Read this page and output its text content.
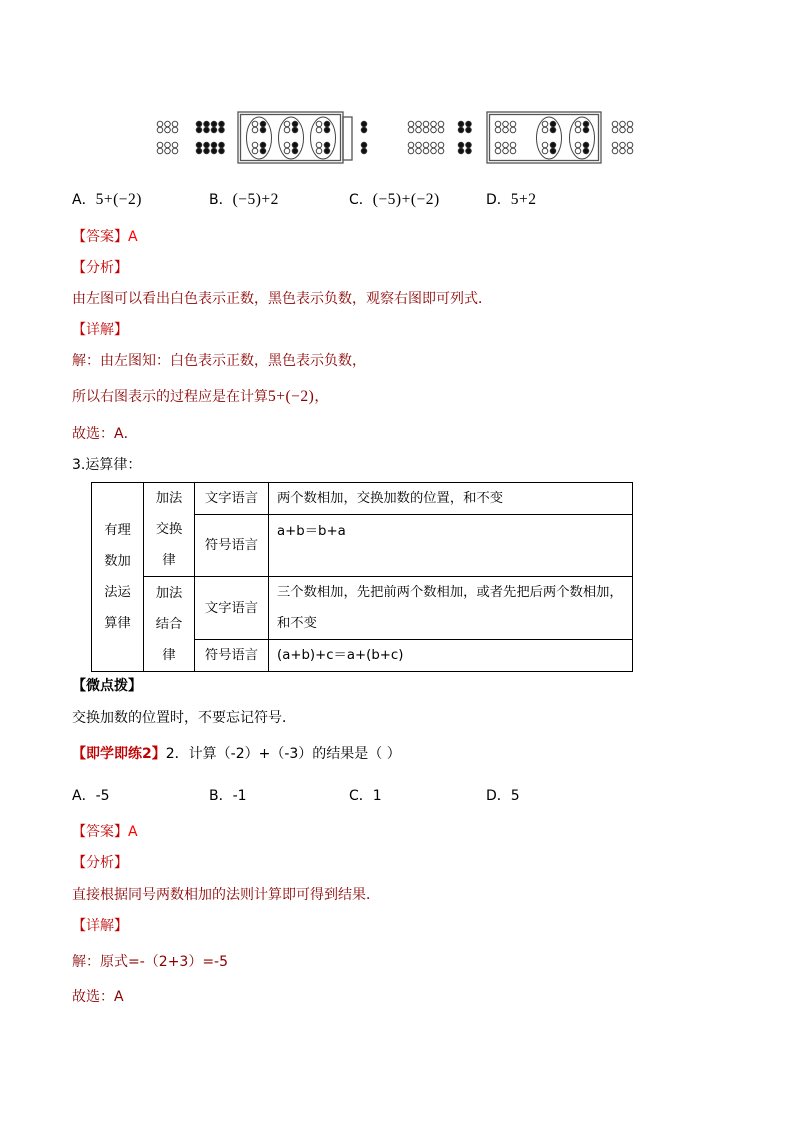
A．5+(−2)	B．(−5)+2	C．(−5)+(−2)	D．5+2
【答案】A
【分析】
由左图可以看出白色表示正数，黑色表示负数，观察右图即可列式．
【详解】
解：由左图知：白色表示正数，黑色表示负数，
所以右图表示的过程应是在计算5+(−2)，
故选：A．
3.运算律：
有理数加法运算律	加法交换律	文字语言	两个数相加，交换加数的位置，和不变
		符号语言	a+b＝b+a

	加法结合律	文字语言	三个数相加，先把前两个数相加，或者先把后两个数相加，和不变
		符号语言	(a+b)+c＝a+(b+c)
【微点拨】
交换加数的位置时，不要忘记符号．
【即学即练2】2．计算（-2）+（-3）的结果是（ ）
A．-5	B．-1	C．1	D．5
【答案】A
【分析】
直接根据同号两数相加的法则计算即可得到结果．
【详解】
解：原式=-（2+3）=-5
故选：A
